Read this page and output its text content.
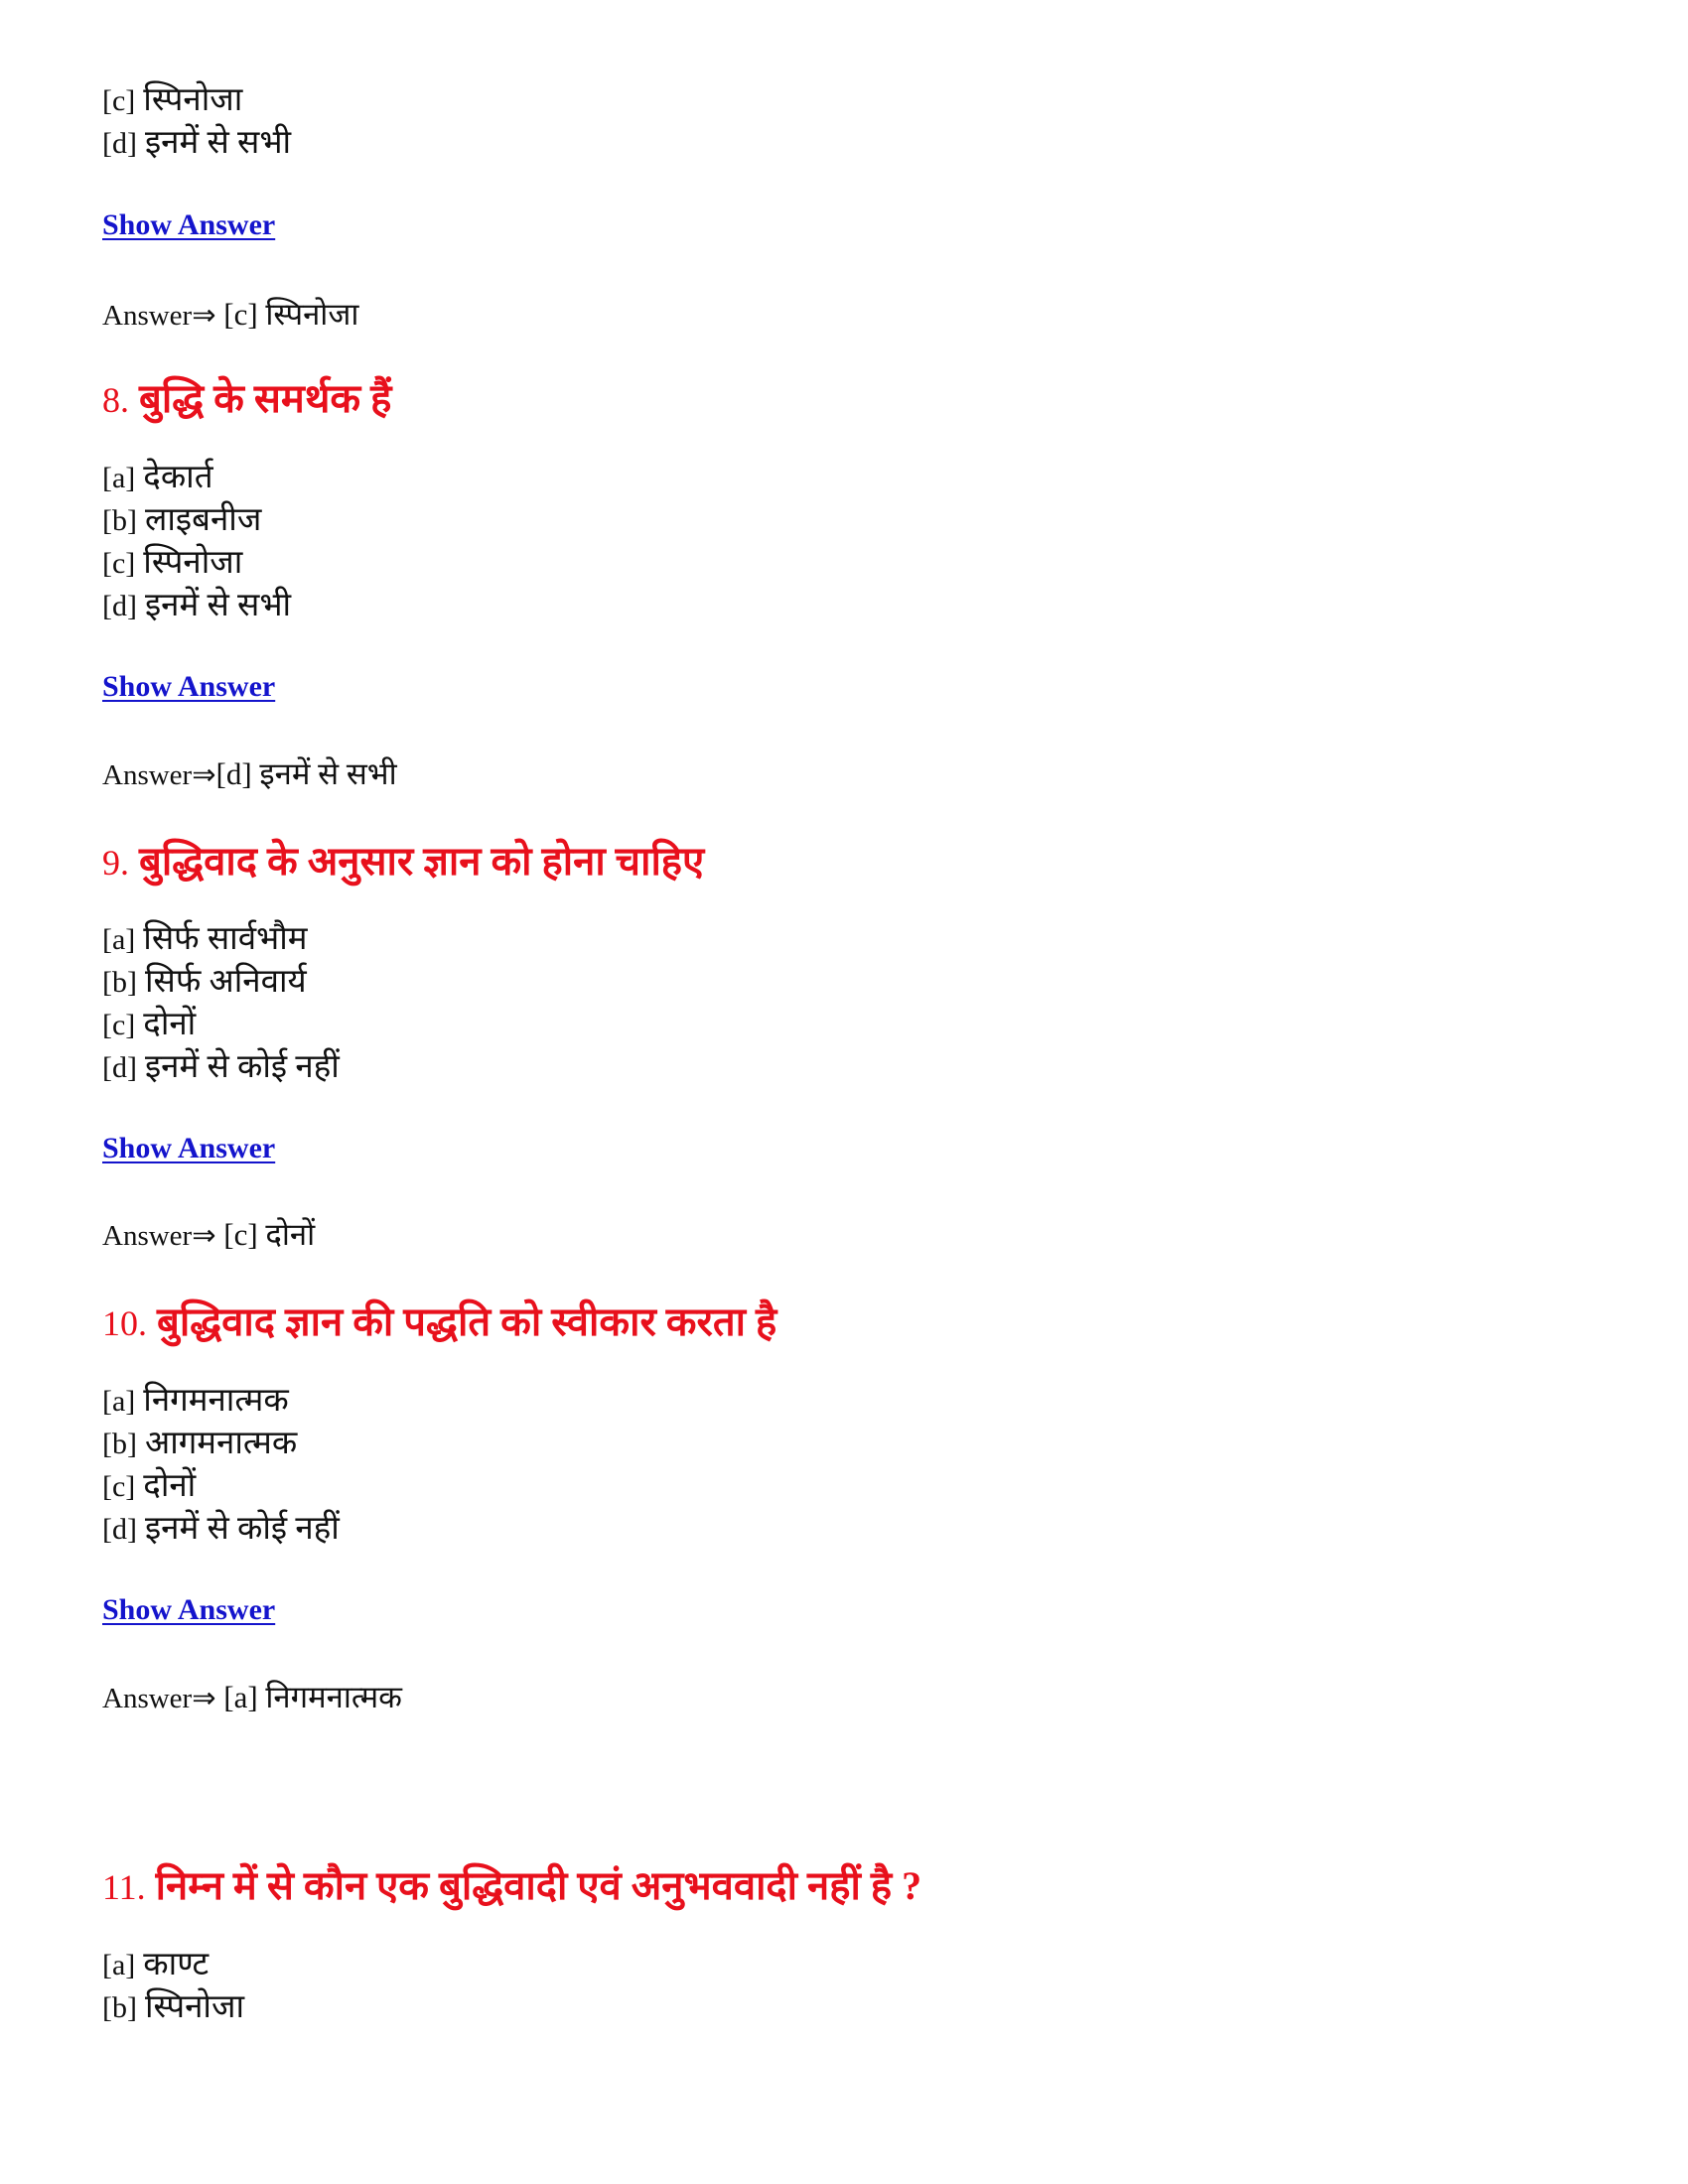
[c] स्पिनोजा
[d] इनमें से सभी
Show Answer
Answer⇒ [c] स्पिनोजा
8. बुद्धि के समर्थक हैं
[a] देकार्त
[b] लाइबनीज
[c] स्पिनोजा
[d] इनमें से सभी
Show Answer
Answer⇒[d] इनमें से सभी
9. बुद्धिवाद के अनुसार ज्ञान को होना चाहिए
[a] सिर्फ सार्वभौम
[b] सिर्फ अनिवार्य
[c] दोनों
[d] इनमें से कोई नहीं
Show Answer
Answer⇒ [c] दोनों
10. बुद्धिवाद ज्ञान की पद्धति को स्वीकार करता है
[a] निगमनात्मक
[b] आगमनात्मक
[c] दोनों
[d] इनमें से कोई नहीं
Show Answer
Answer⇒ [a] निगमनात्मक
11. निम्न में से कौन एक बुद्धिवादी एवं अनुभववादी नहीं है ?
[a] काण्ट
[b] स्पिनोजा
